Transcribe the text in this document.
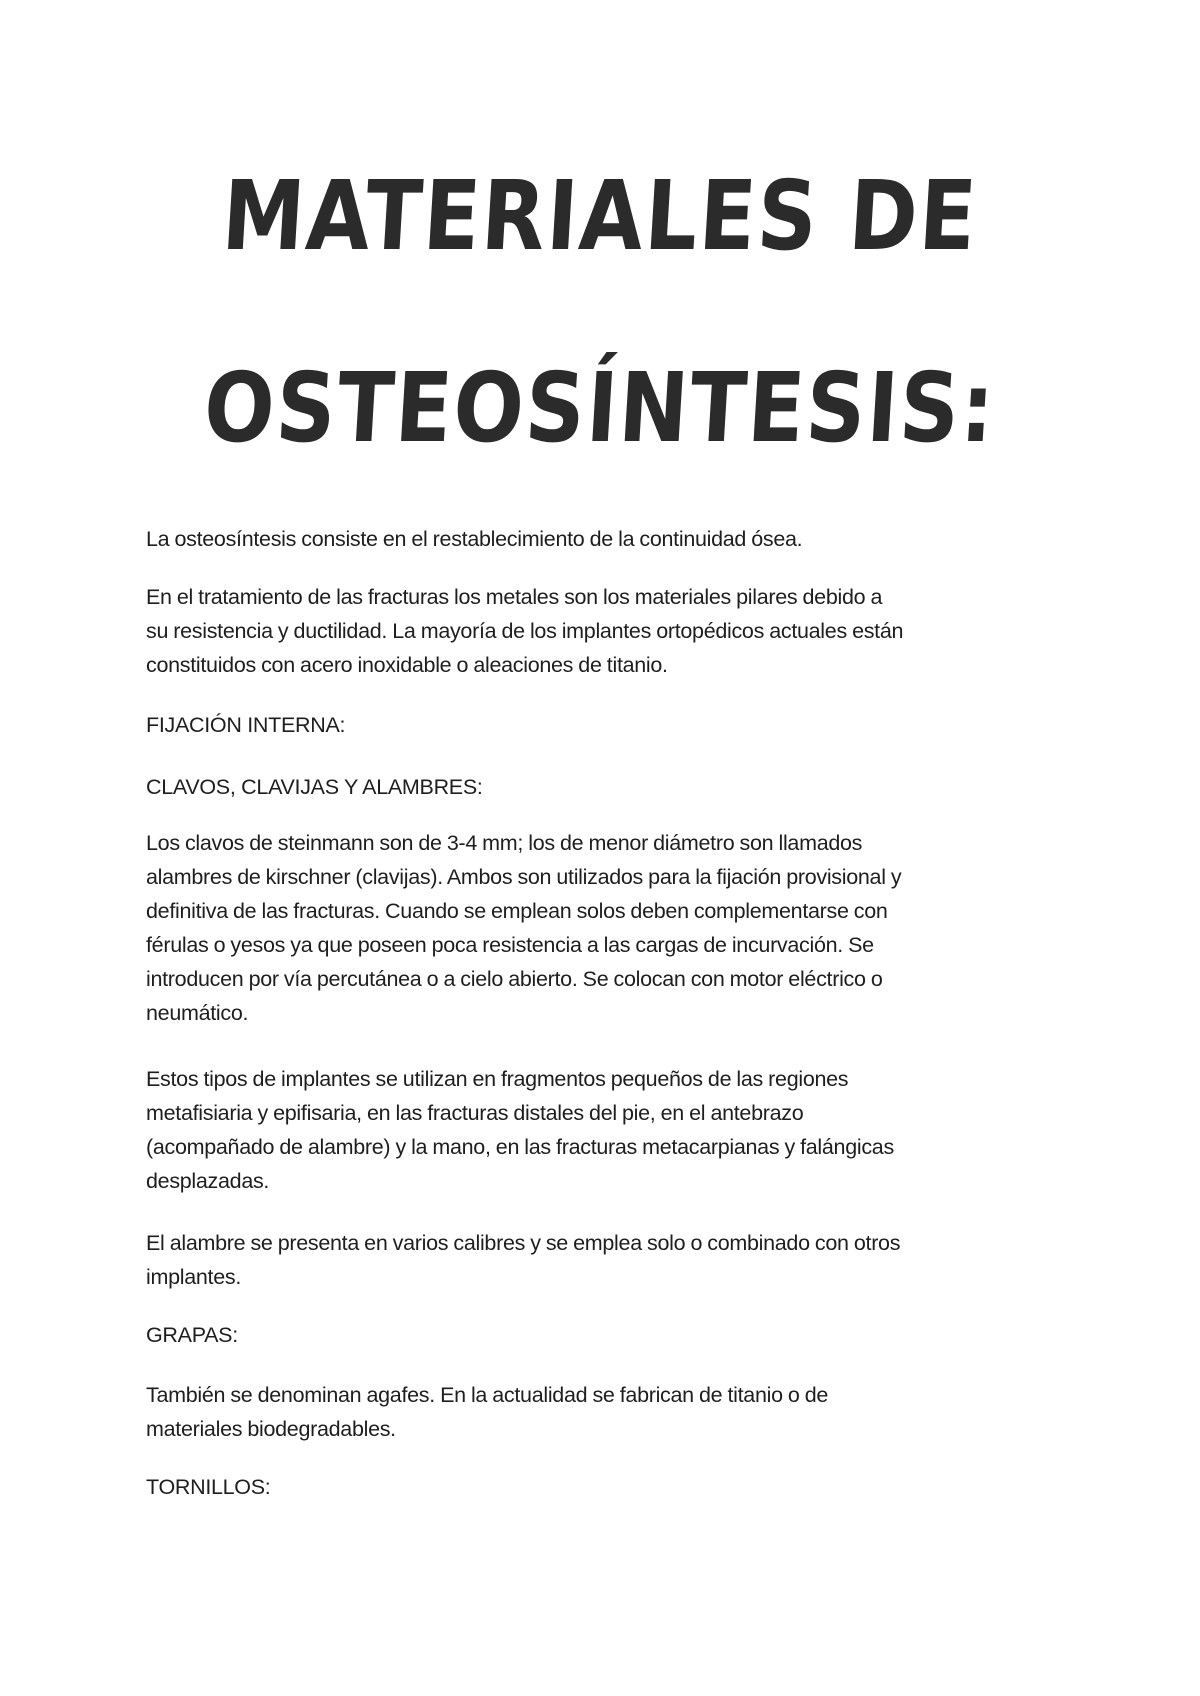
MATERIALES DE
OSTEOSÍNTESIS:

La osteosíntesis consiste en el restablecimiento de la continuidad ósea.

En el tratamiento de las fracturas los metales son los materiales pilares debido a
su resistencia y ductilidad. La mayoría de los implantes ortopédicos actuales están
constituidos con acero inoxidable o aleaciones de titanio.

FIJACIÓN INTERNA:

CLAVOS, CLAVIJAS Y ALAMBRES:

Los clavos de steinmann son de 3-4 mm; los de menor diámetro son llamados
alambres de kirschner (clavijas). Ambos son utilizados para la fijación provisional y
definitiva de las fracturas. Cuando se emplean solos deben complementarse con
férulas o yesos ya que poseen poca resistencia a las cargas de incurvación. Se
introducen por vía percutánea o a cielo abierto. Se colocan con motor eléctrico o
neumático.

Estos tipos de implantes se utilizan en fragmentos pequeños de las regiones
metafisiaria y epifisaria, en las fracturas distales del pie, en el antebrazo
(acompañado de alambre) y la mano, en las fracturas metacarpianas y falángicas
desplazadas.

El alambre se presenta en varios calibres y se emplea solo o combinado con otros
implantes.

GRAPAS:

También se denominan agafes. En la actualidad se fabrican de titanio o de
materiales biodegradables.

TORNILLOS:
